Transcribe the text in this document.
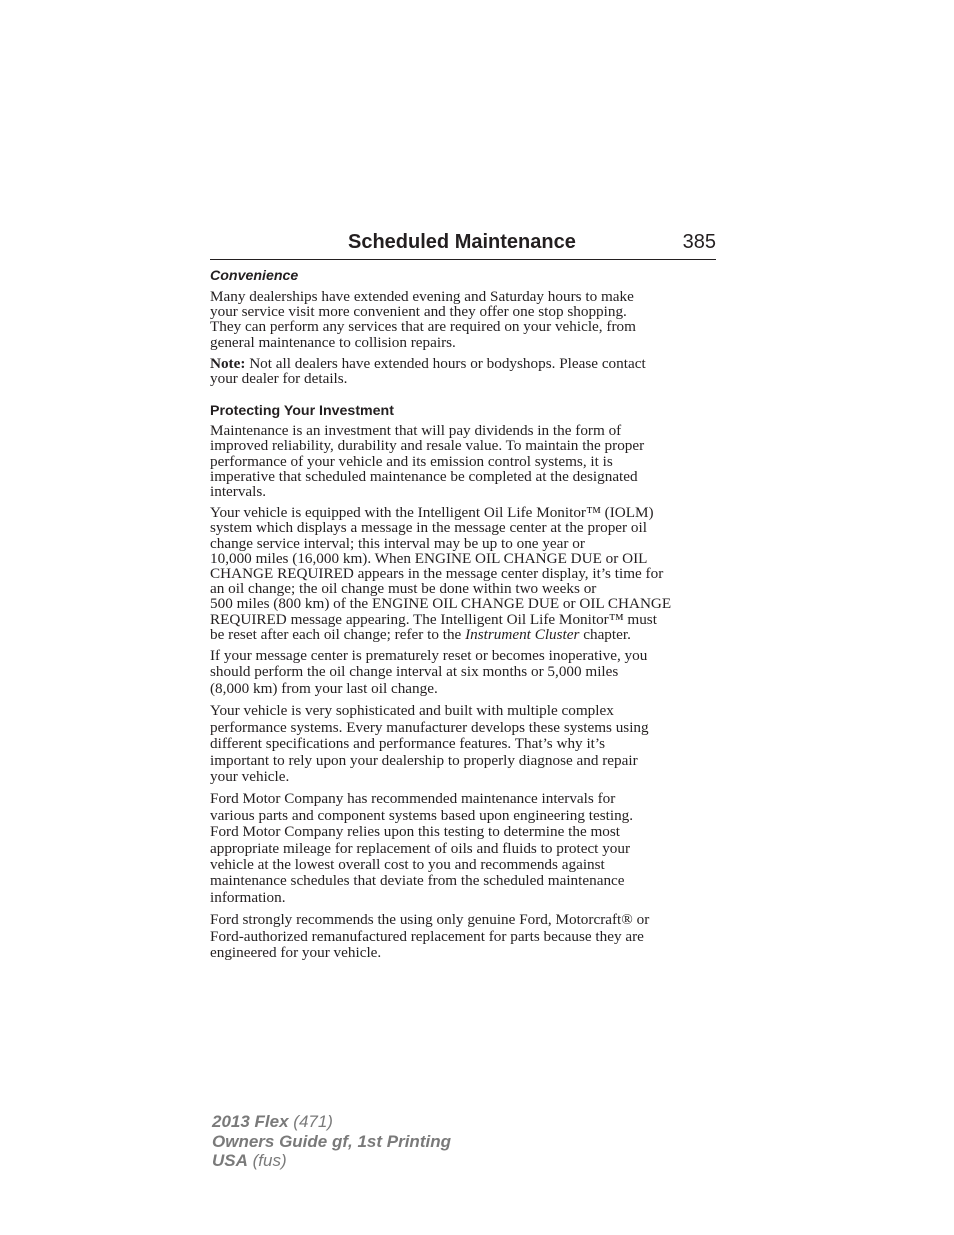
Scheduled Maintenance	385
Convenience

Many dealerships have extended evening and Saturday hours to make
your service visit more convenient and they offer one stop shopping.
They can perform any services that are required on your vehicle, from
general maintenance to collision repairs.

Note: Not all dealers have extended hours or bodyshops. Please contact
your dealer for details.

Protecting Your Investment

Maintenance is an investment that will pay dividends in the form of
improved reliability, durability and resale value. To maintain the proper
performance of your vehicle and its emission control systems, it is
imperative that scheduled maintenance be completed at the designated
intervals.

Your vehicle is equipped with the Intelligent Oil Life Monitor™ (IOLM)
system which displays a message in the message center at the proper oil
change service interval; this interval may be up to one year or
10,000 miles (16,000 km). When ENGINE OIL CHANGE DUE or OIL
CHANGE REQUIRED appears in the message center display, it’s time for
an oil change; the oil change must be done within two weeks or
500 miles (800 km) of the ENGINE OIL CHANGE DUE or OIL CHANGE
REQUIRED message appearing. The Intelligent Oil Life Monitor™ must
be reset after each oil change; refer to the Instrument Cluster chapter.

If your message center is prematurely reset or becomes inoperative, you
should perform the oil change interval at six months or 5,000 miles
(8,000 km) from your last oil change.

Your vehicle is very sophisticated and built with multiple complex
performance systems. Every manufacturer develops these systems using
different specifications and performance features. That’s why it’s
important to rely upon your dealership to properly diagnose and repair
your vehicle.

Ford Motor Company has recommended maintenance intervals for
various parts and component systems based upon engineering testing.
Ford Motor Company relies upon this testing to determine the most
appropriate mileage for replacement of oils and fluids to protect your
vehicle at the lowest overall cost to you and recommends against
maintenance schedules that deviate from the scheduled maintenance
information.

Ford strongly recommends the using only genuine Ford, Motorcraft® or
Ford-authorized remanufactured replacement for parts because they are
engineered for your vehicle.

2013 Flex (471)
Owners Guide gf, 1st Printing
USA (fus)
